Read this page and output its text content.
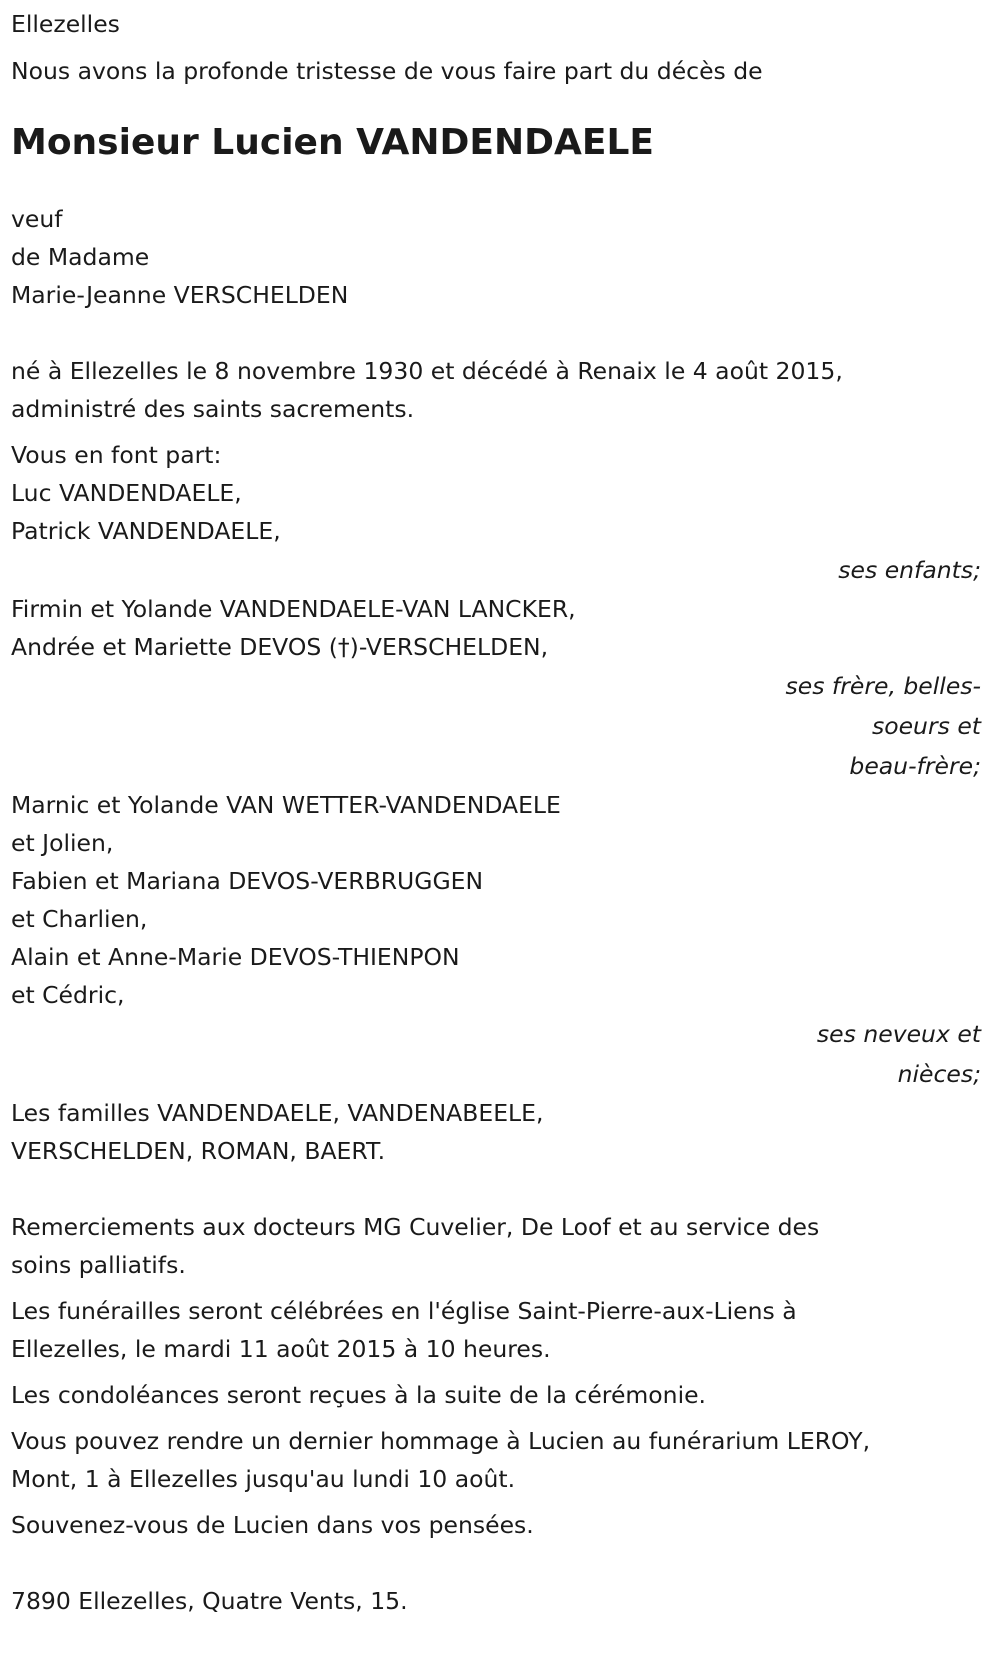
Ellezelles

Nous avons la profonde tristesse de vous faire part du décès de

Monsieur Lucien VANDENDAELE

veuf

de Madame

Marie-Jeanne VERSCHELDEN

né à Ellezelles le 8 novembre 1930 et décédé à Renaix le 4 août 2015,

administré des saints sacrements.

Vous en font part:

Luc VANDENDAELE,

Patrick VANDENDAELE,

ses enfants;

Firmin et Yolande VANDENDAELE-VAN LANCKER,

Andrée et Mariette DEVOS (†)-VERSCHELDEN,

ses frère, belles-
soeurs et
beau-frère;

Marnic et Yolande VAN WETTER-VANDENDAELE

et Jolien,

Fabien et Mariana DEVOS-VERBRUGGEN

et Charlien,

Alain et Anne-Marie DEVOS-THIENPON

et Cédric,

ses neveux et
nièces;

Les familles VANDENDAELE, VANDENABEELE,

VERSCHELDEN, ROMAN, BAERT.

Remerciements aux docteurs MG Cuvelier, De Loof et au service des

soins palliatifs.

Les funérailles seront célébrées en l'église Saint-Pierre-aux-Liens à

Ellezelles, le mardi 11 août 2015 à 10 heures.

Les condoléances seront reçues à la suite de la cérémonie.

Vous pouvez rendre un dernier hommage à Lucien au funérarium LEROY,

Mont, 1 à Ellezelles jusqu'au lundi 10 août.

Souvenez-vous de Lucien dans vos pensées.

7890 Ellezelles, Quatre Vents, 15.
